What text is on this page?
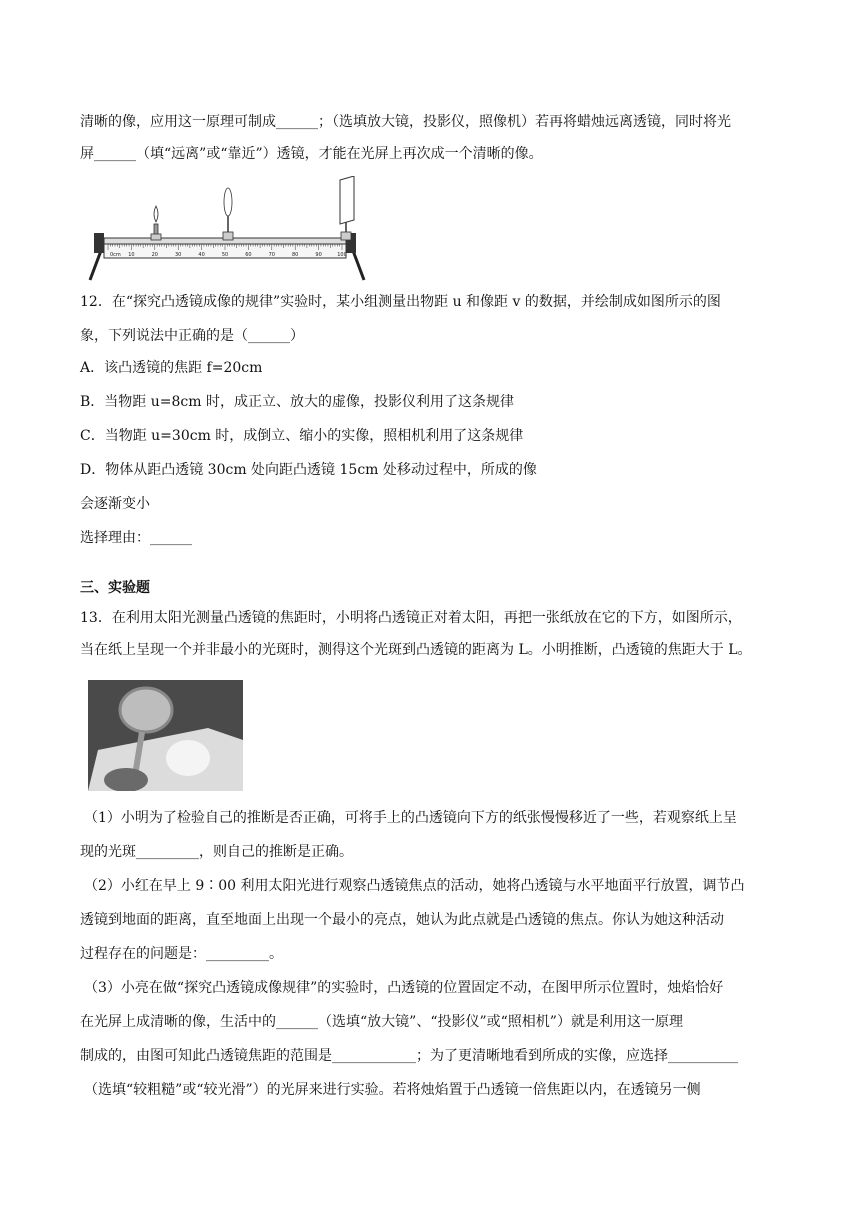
清晰的像，应用这一原理可制成______；（选填放大镜，投影仪，照像机）若再将蜡烛远离透镜，同时将光
屏______（填“远离”或“靠近”）透镜，才能在光屏上再次成一个清晰的像。
0cm 10	20	30	40	50	60	70	80	90	100
12．在“探究凸透镜成像的规律”实验时，某小组测量出物距 u 和像距 v 的数据，并绘制成如图所示的图
象，下列说法中正确的是（______）
A．该凸透镜的焦距 f=20cm
B．当物距 u=8cm 时，成正立、放大的虚像，投影仪利用了这条规律
C．当物距 u=30cm 时，成倒立、缩小的实像，照相机利用了这条规律
D．物体从距凸透镜 30cm 处向距凸透镜 15cm 处移动过程中，所成的像
会逐渐变小
选择理由：______
三、实验题
13．在利用太阳光测量凸透镜的焦距时，小明将凸透镜正对着太阳，再把一张纸放在它的下方，如图所示，
当在纸上呈现一个并非最小的光斑时，测得这个光斑到凸透镜的距离为 L。小明推断，凸透镜的焦距大于 L。
（1）小明为了检验自己的推断是否正确，可将手上的凸透镜向下方的纸张慢慢移近了一些，若观察纸上呈
现的光斑_________，则自己的推断是正确。
（2）小红在早上 9∶00 利用太阳光进行观察凸透镜焦点的活动，她将凸透镜与水平地面平行放置，调节凸
透镜到地面的距离，直至地面上出现一个最小的亮点，她认为此点就是凸透镜的焦点。你认为她这种活动
过程存在的问题是：_________。
（3）小亮在做“探究凸透镜成像规律”的实验时，凸透镜的位置固定不动，在图甲所示位置时，烛焰恰好
在光屏上成清晰的像，生活中的______（选填“放大镜”、“投影仪”或“照相机”）就是利用这一原理
制成的，由图可知此凸透镜焦距的范围是____________；为了更清晰地看到所成的实像，应选择__________
（选填“较粗糙”或“较光滑”）的光屏来进行实验。若将烛焰置于凸透镜一倍焦距以内，在透镜另一侧
